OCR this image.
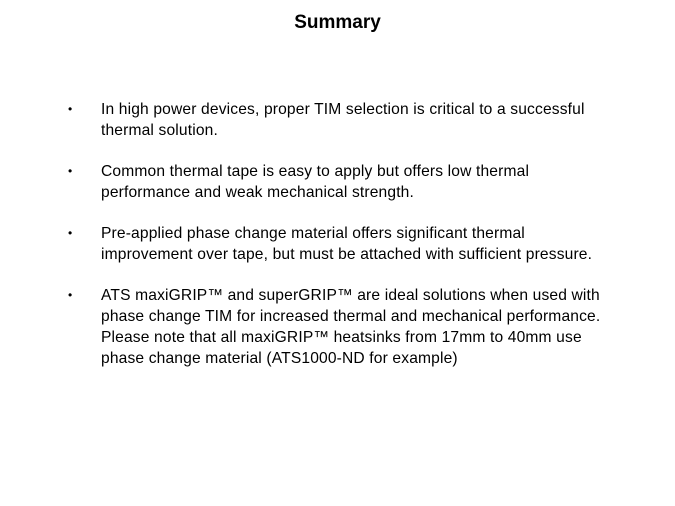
Summary
•	In high power devices, proper TIM selection is critical to a successful thermal solution.
•	Common thermal tape is easy to apply but offers low thermal performance and weak mechanical strength.
•	Pre-applied phase change material offers significant thermal improvement over tape, but must be attached with sufficient pressure.
•	ATS maxiGRIP™ and superGRIP™ are ideal solutions when used with phase change TIM for increased thermal and mechanical performance. Please note that all maxiGRIP™ heatsinks from 17mm to 40mm use phase change material (ATS1000-ND for example)
